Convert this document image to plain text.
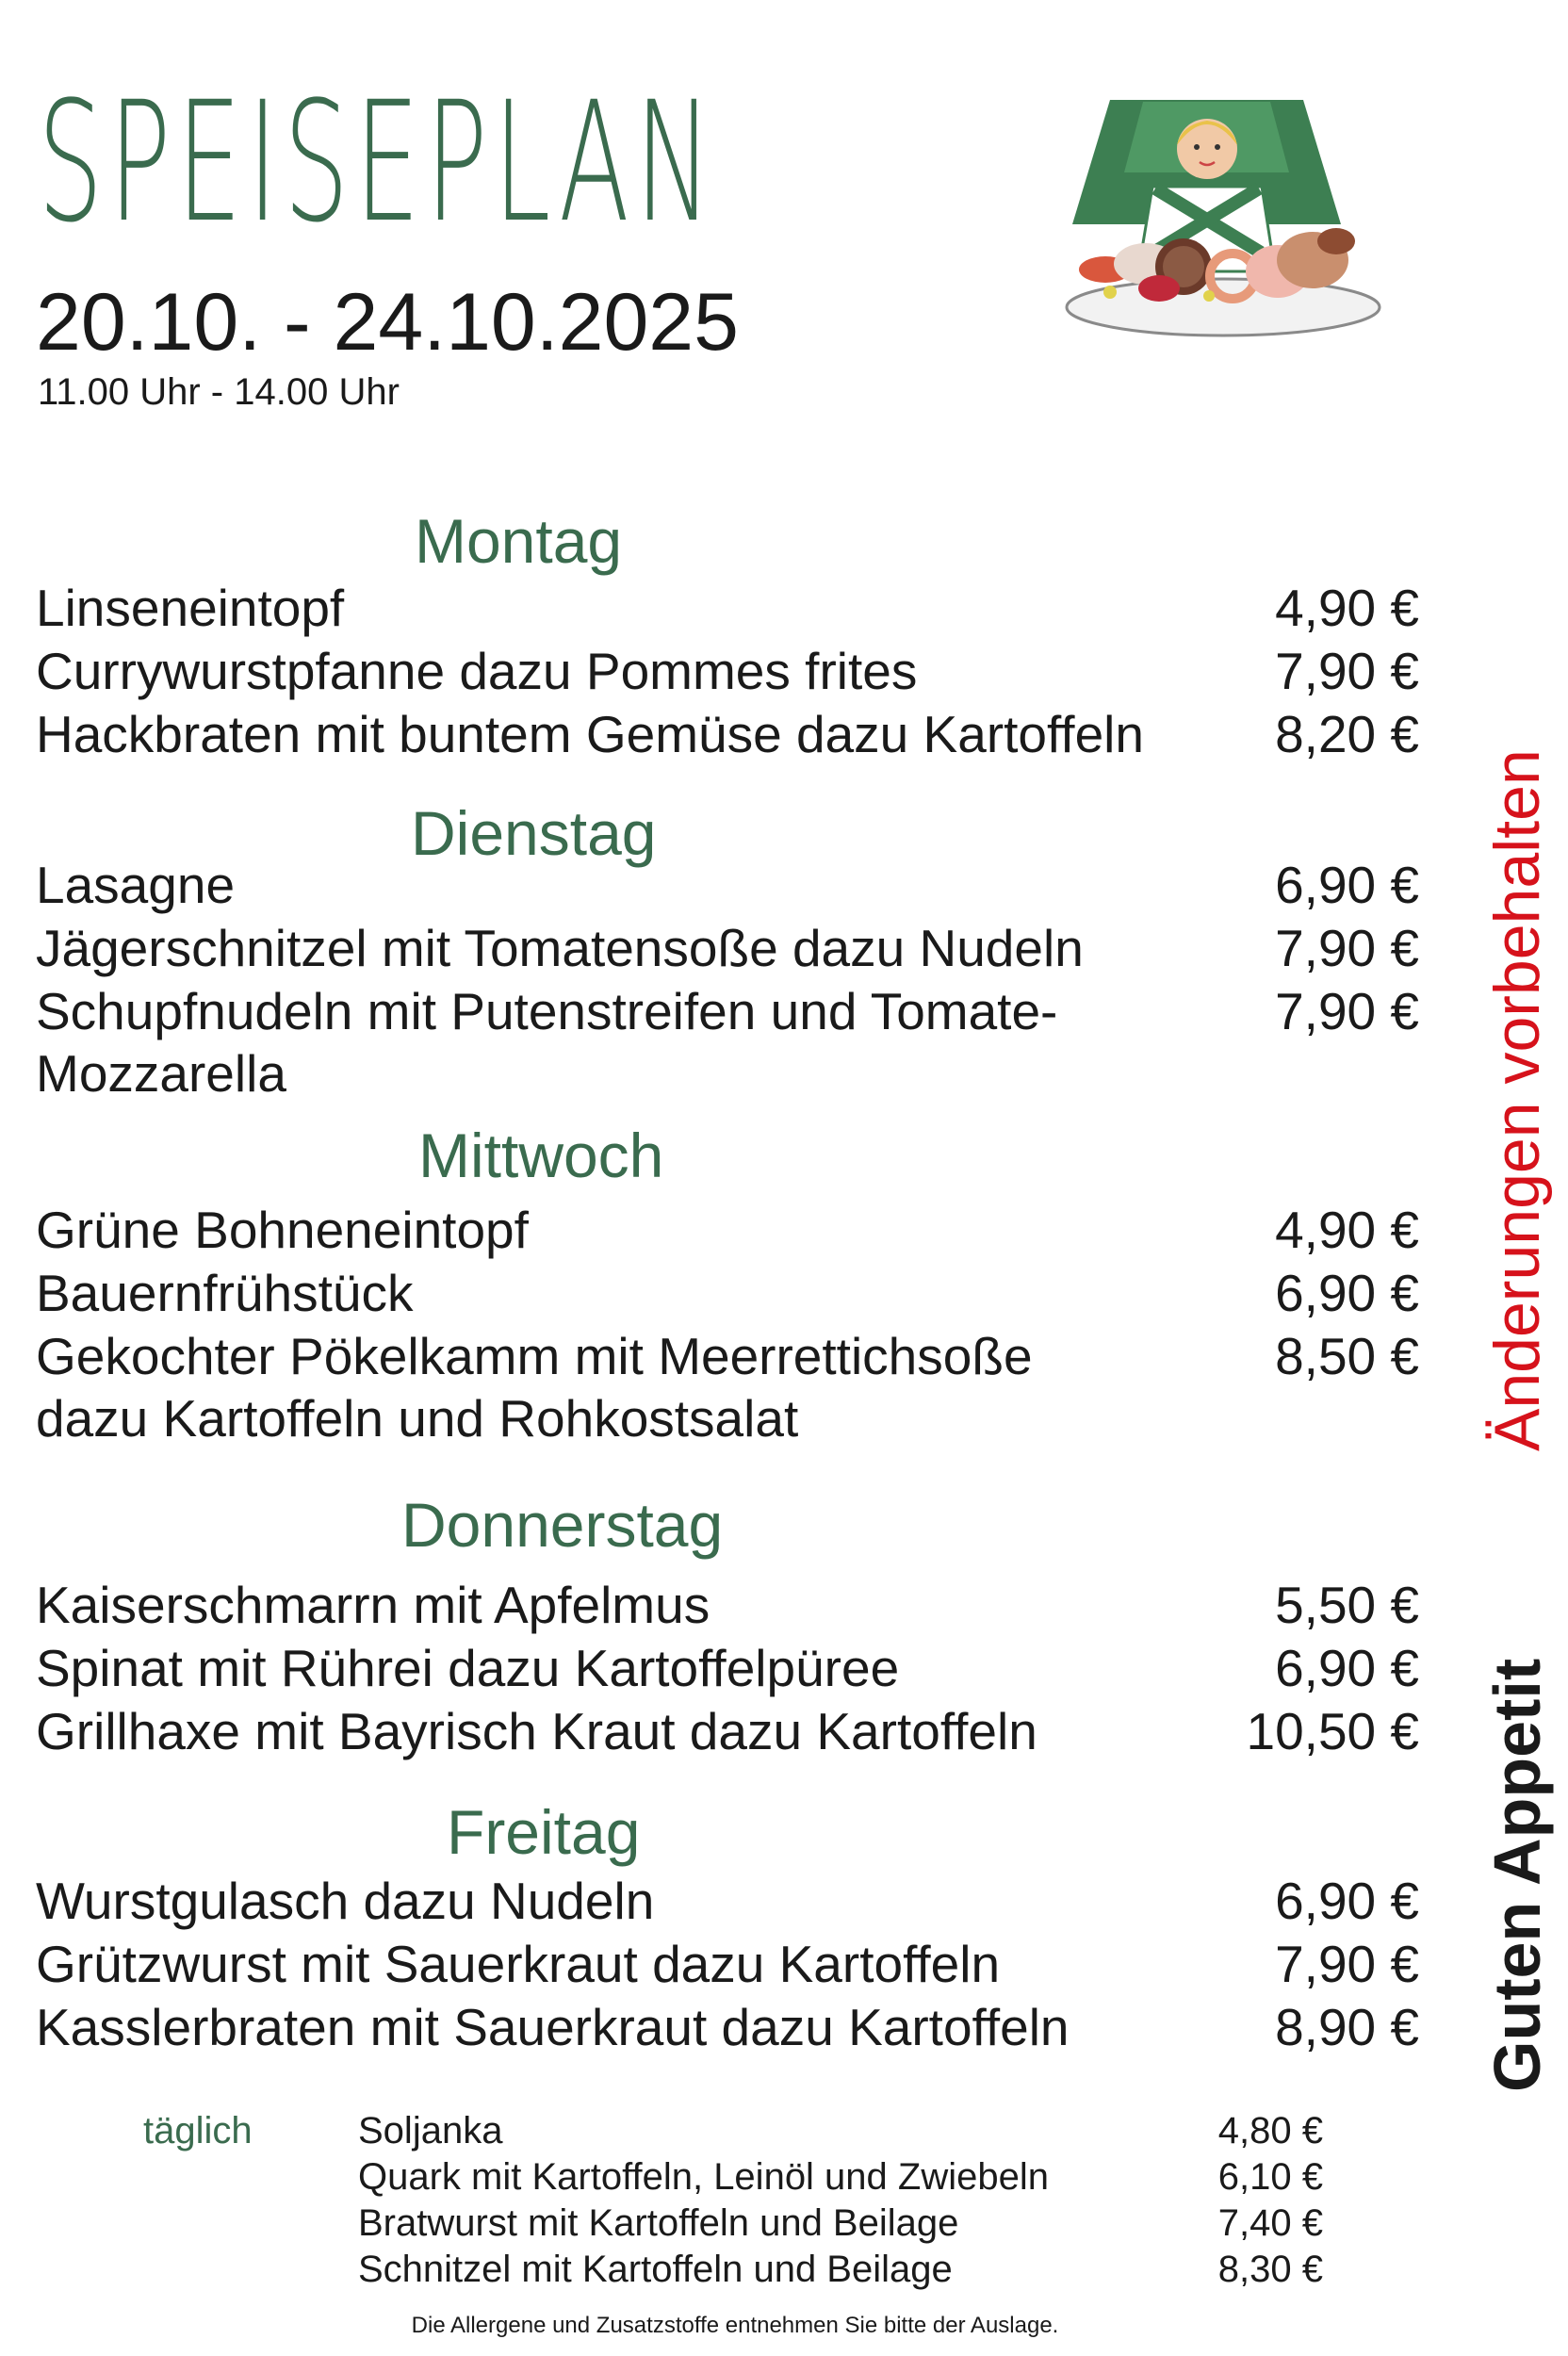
SPEISEPLAN
20.10. - 24.10.2025
11.00 Uhr - 14.00 Uhr
Montag
Linseneintopf	4,90 €
Currywurstpfanne dazu Pommes frites	7,90 €
Hackbraten mit buntem Gemüse dazu Kartoffeln	8,20 €
Dienstag
Lasagne	6,90 €
Jägerschnitzel mit Tomatensoße dazu Nudeln	7,90 €
Schupfnudeln mit Putenstreifen und Tomate-	7,90 €
Mozzarella
Mittwoch
Grüne Bohneneintopf	4,90 €
Bauernfrühstück	6,90 €
Gekochter Pökelkamm mit Meerrettichsoße	8,50 €
dazu Kartoffeln und Rohkostsalat
Donnerstag
Kaiserschmarrn mit Apfelmus	5,50 €
Spinat mit Rührei dazu Kartoffelpüree	6,90 €
Grillhaxe mit Bayrisch Kraut dazu Kartoffeln	10,50 €
Freitag
Wurstgulasch dazu Nudeln	6,90 €
Grützwurst mit Sauerkraut dazu Kartoffeln	7,90 €
Kasslerbraten mit Sauerkraut dazu Kartoffeln	8,90 €
Änderungen vorbehalten
Guten Appetit
täglich	Soljanka	4,80 €
Quark mit Kartoffeln, Leinöl und Zwiebeln	6,10 €
Bratwurst mit Kartoffeln und Beilage	7,40 €
Schnitzel mit Kartoffeln und Beilage	8,30 €
Die Allergene und Zusatzstoffe entnehmen Sie bitte der Auslage.
